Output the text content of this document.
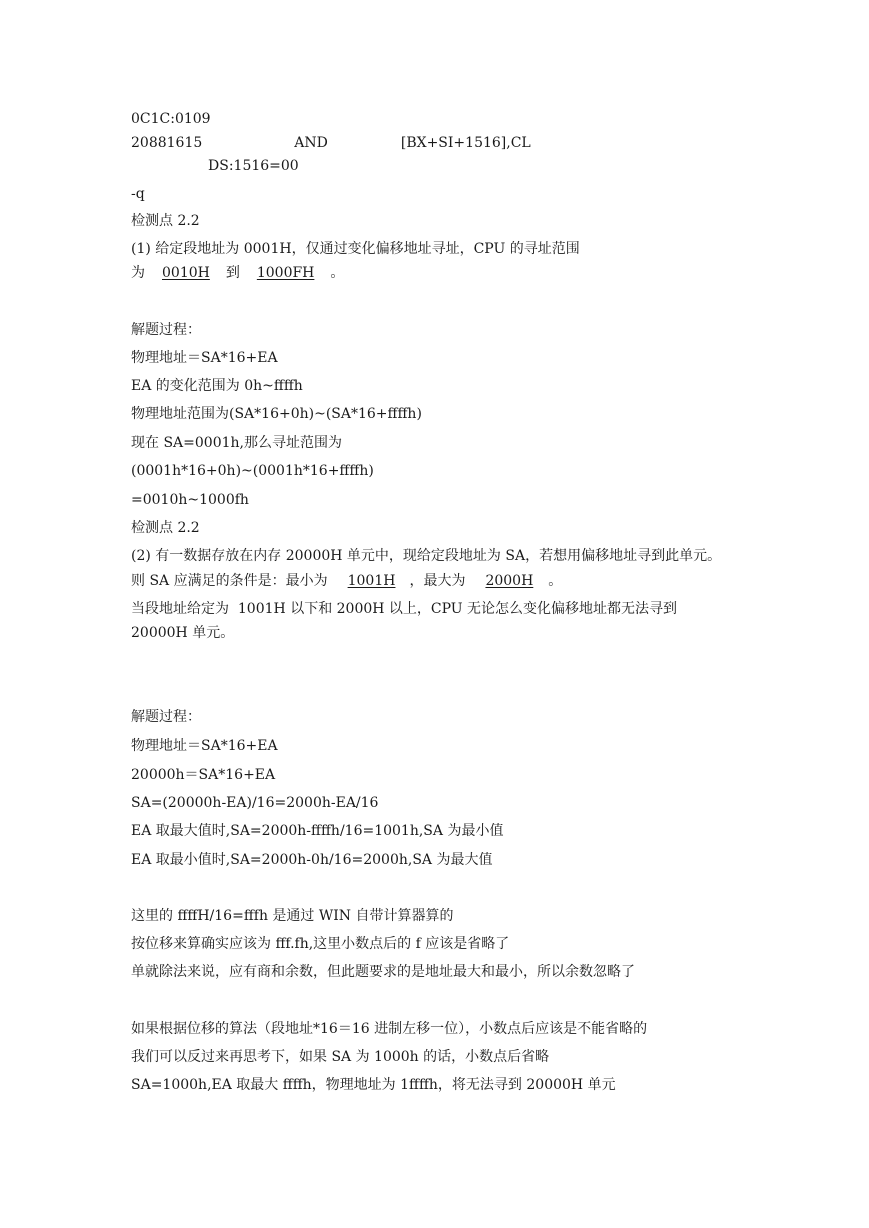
0C1C:0109
20881615	AND	[BX+SI+1516],CL
DS:1516=00
-q
检测点 2.2
(1) 给定段地址为 0001H，仅通过变化偏移地址寻址，CPU 的寻址范围
为 0010H 到 1000FH 。
解题过程：
物理地址＝SA*16+EA
EA 的变化范围为 0h~ffffh
物理地址范围为(SA*16+0h)~(SA*16+ffffh)
现在 SA=0001h,那么寻址范围为
(0001h*16+0h)~(0001h*16+ffffh)
=0010h~1000fh
检测点 2.2
(2) 有一数据存放在内存 20000H 单元中，现给定段地址为 SA，若想用偏移地址寻到此单元。
则 SA 应满足的条件是：最小为 1001H ，最大为 2000H 。
当段地址给定为  1001H 以下和 2000H 以上，CPU 无论怎么变化偏移地址都无法寻到
20000H 单元。
解题过程：
物理地址＝SA*16+EA
20000h＝SA*16+EA
SA=(20000h-EA)/16=2000h-EA/16
EA 取最大值时,SA=2000h-ffffh/16=1001h,SA 为最小值
EA 取最小值时,SA=2000h-0h/16=2000h,SA 为最大值
这里的 ffffH/16=fffh 是通过 WIN 自带计算器算的
按位移来算确实应该为 fff.fh,这里小数点后的 f 应该是省略了
单就除法来说，应有商和余数，但此题要求的是地址最大和最小，所以余数忽略了
如果根据位移的算法（段地址*16＝16 进制左移一位），小数点后应该是不能省略的
我们可以反过来再思考下，如果 SA 为 1000h 的话，小数点后省略
SA=1000h,EA 取最大 ffffh，物理地址为 1ffffh，将无法寻到 20000H 单元
